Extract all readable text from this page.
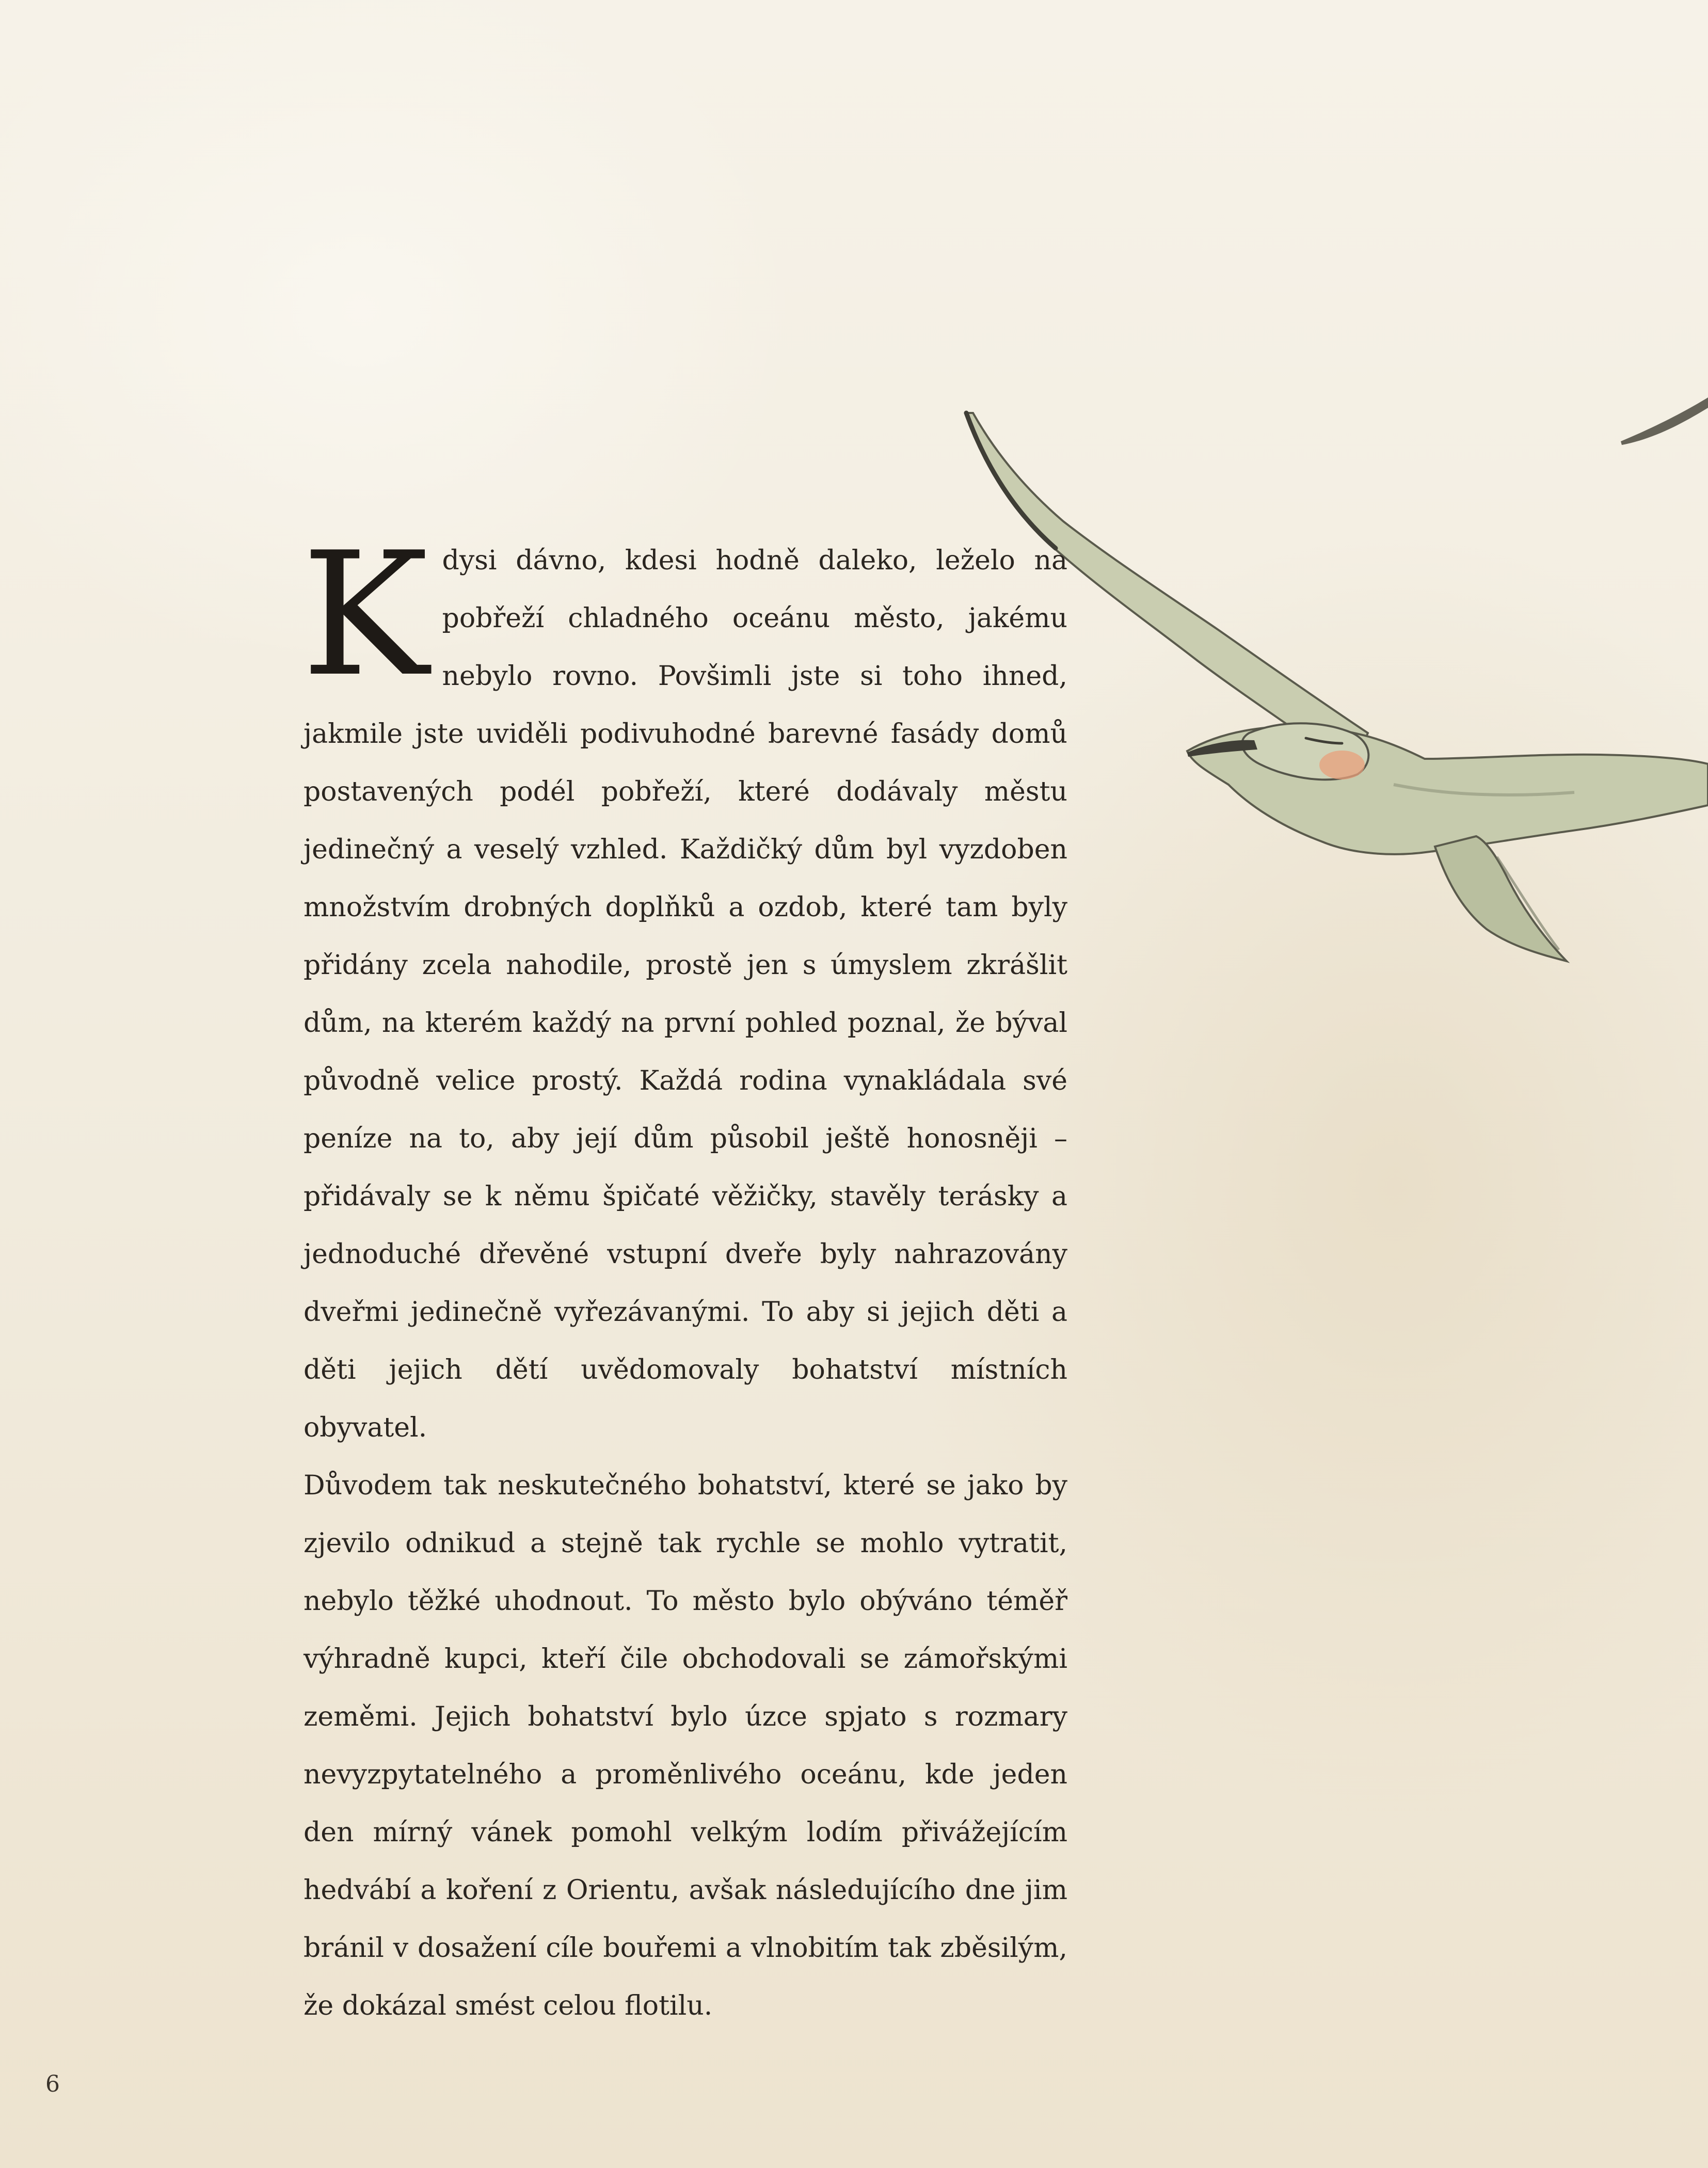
Kdysi dávno, kdesi hodně daleko, leželo na pobřeží chladného oceánu město, jakému nebylo rovno. Povšimli jste si toho ihned, jakmile jste uviděli podivuhodné barevné fasády domů postavených podél pobřeží, které dodávaly městu jedinečný a veselý vzhled. Každičký dům byl vyzdoben množstvím drobných doplňků a ozdob, které tam byly přidány zcela nahodile, prostě jen s úmyslem zkrášlit dům, na kterém každý na první pohled poznal, že býval původně velice prostý. Každá rodina vynakládala své peníze na to, aby její dům působil ještě honosněji – přidávaly se k němu špičaté věžičky, stavěly terásky a jednoduché dřevěné vstupní dveře byly nahrazovány dveřmi jedinečně vyřezávanými. To aby si jejich děti a děti jejich dětí uvědomovaly bohatství místních obyvatel.

Důvodem tak neskutečného bohatství, které se jako by zjevilo odnikud a stejně tak rychle se mohlo vytratit, nebylo těžké uhodnout. To město bylo obýváno téměř výhradně kupci, kteří čile obchodovali se zámořskými zeměmi. Jejich bohatství bylo úzce spjato s rozmary nevyzpytatelného a proměnlivého oceánu, kde jeden den mírný vánek pomohl velkým lodím přivážejícím hedvábí a koření z Orientu, avšak následujícího dne jim bránil v dosažení cíle bouřemi a vlnobitím tak zběsilým, že dokázal smést celou flotilu.

6
